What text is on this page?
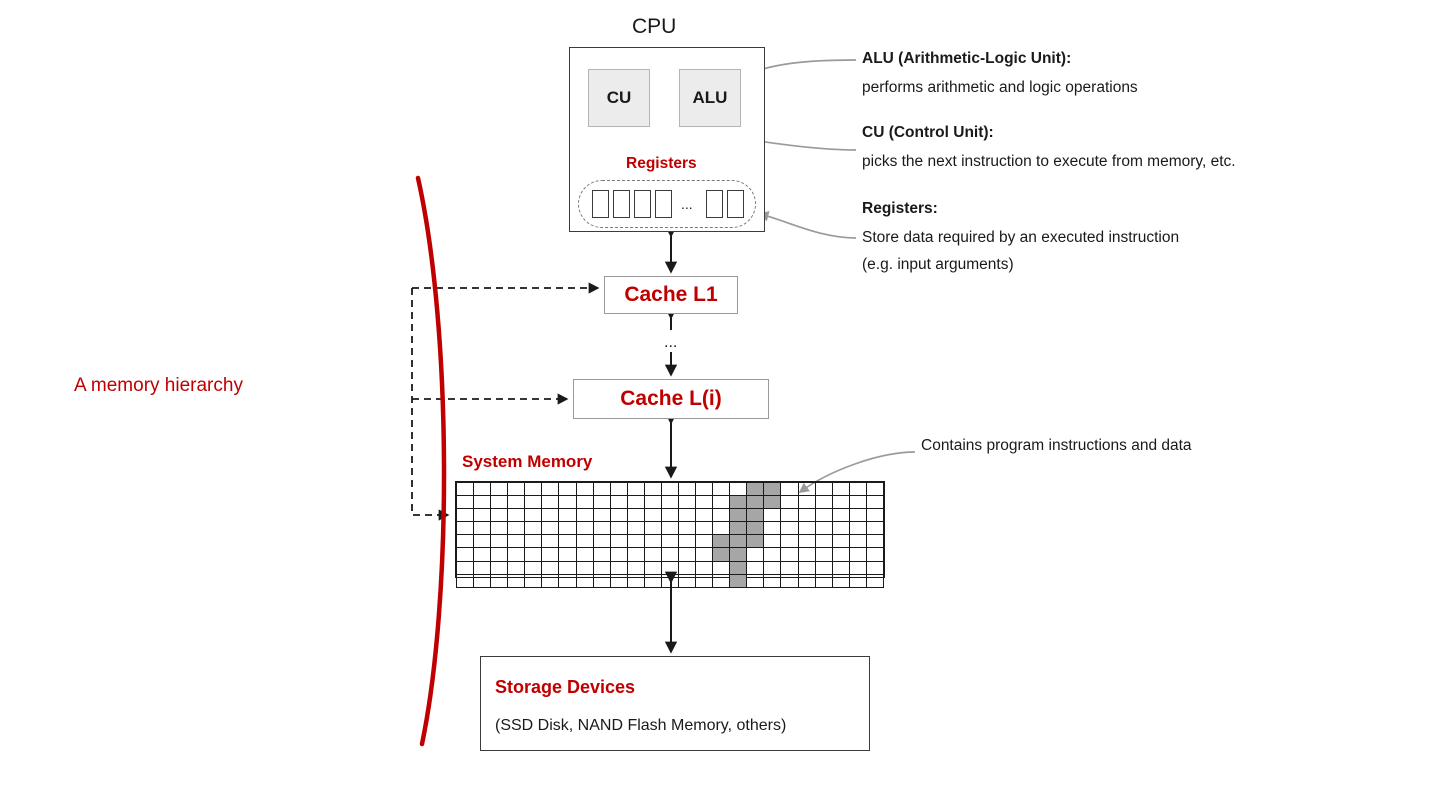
CPU
CU	ALU
Registers
...
Cache L1
...
Cache L(i)
System Memory

Storage Devices
(SSD Disk, NAND Flash Memory, others)
ALU (Arithmetic-Logic Unit):
performs arithmetic and logic operations
CU (Control Unit):
picks the next instruction to execute from memory, etc.
Registers:
Store data required by an executed instruction
(e.g. input arguments)
Contains program instructions and data
A memory hierarchy
